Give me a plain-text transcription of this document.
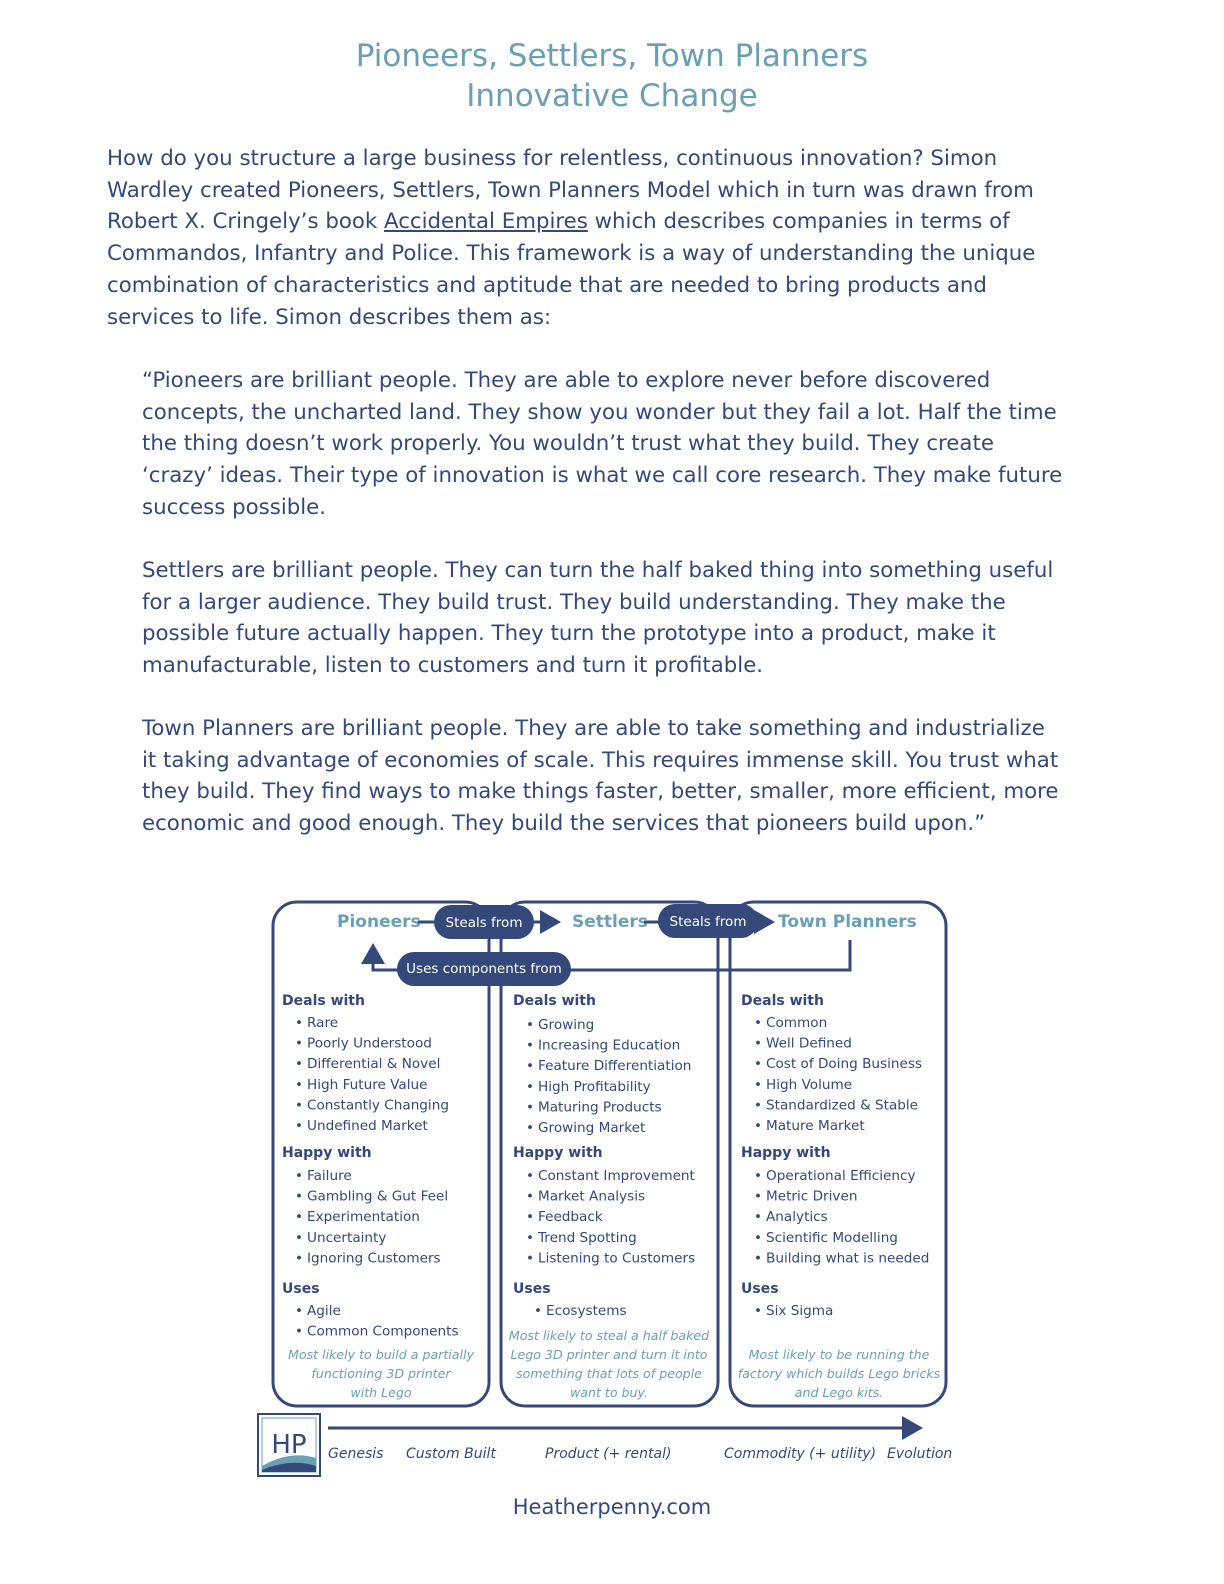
Pioneers, Settlers, Town Planners
Innovative Change
How do you structure a large business for relentless, continuous innovation? Simon
Wardley created Pioneers, Settlers, Town Planners Model which in turn was drawn from
Robert X. Cringely’s book Accidental Empires which describes companies in terms of
Commandos, Infantry and Police. This framework is a way of understanding the unique
combination of characteristics and aptitude that are needed to bring products and
services to life. Simon describes them as:
“Pioneers are brilliant people. They are able to explore never before discovered
concepts, the uncharted land. They show you wonder but they fail a lot. Half the time
the thing doesn’t work properly. You wouldn’t trust what they build. They create
‘crazy’ ideas. Their type of innovation is what we call core research. They make future
success possible.
Settlers are brilliant people. They can turn the half baked thing into something useful
for a larger audience. They build trust. They build understanding. They make the
possible future actually happen. They turn the prototype into a product, make it
manufacturable, listen to customers and turn it profitable.
Town Planners are brilliant people. They are able to take something and industrialize
it taking advantage of economies of scale. This requires immense skill. You trust what
they build. They find ways to make things faster, better, smaller, more efficient, more
economic and good enough. They build the services that pioneers build upon.”
Pioneers	Settlers	Town Planners
Steals from	Steals from
Uses components from
Deals with
• Rare
• Poorly Understood
• Differential & Novel
• High Future Value
• Constantly Changing
• Undefined Market
Happy with
• Failure
• Gambling & Gut Feel
• Experimentation
• Uncertainty
• Ignoring Customers
Uses
• Agile
• Common Components
Most likely to build a partially
functioning 3D printer
with Lego
Deals with
• Growing
• Increasing Education
• Feature Differentiation
• High Profitability
• Maturing Products
• Growing Market
Happy with
• Constant Improvement
• Market Analysis
• Feedback
• Trend Spotting
• Listening to Customers
Uses
• Ecosystems
Most likely to steal a half baked
Lego 3D printer and turn it into
something that lots of people
want to buy.
Deals with
• Common
• Well Defined
• Cost of Doing Business
• High Volume
• Standardized & Stable
• Mature Market
Happy with
• Operational Efficiency
• Metric Driven
• Analytics
• Scientific Modelling
• Building what is needed
Uses
• Six Sigma
Most likely to be running the
factory which builds Lego bricks
and Lego kits.
Genesis Custom Built	Product (+ rental)	Commodity (+ utility) Evolution
HP
Heatherpenny.com
